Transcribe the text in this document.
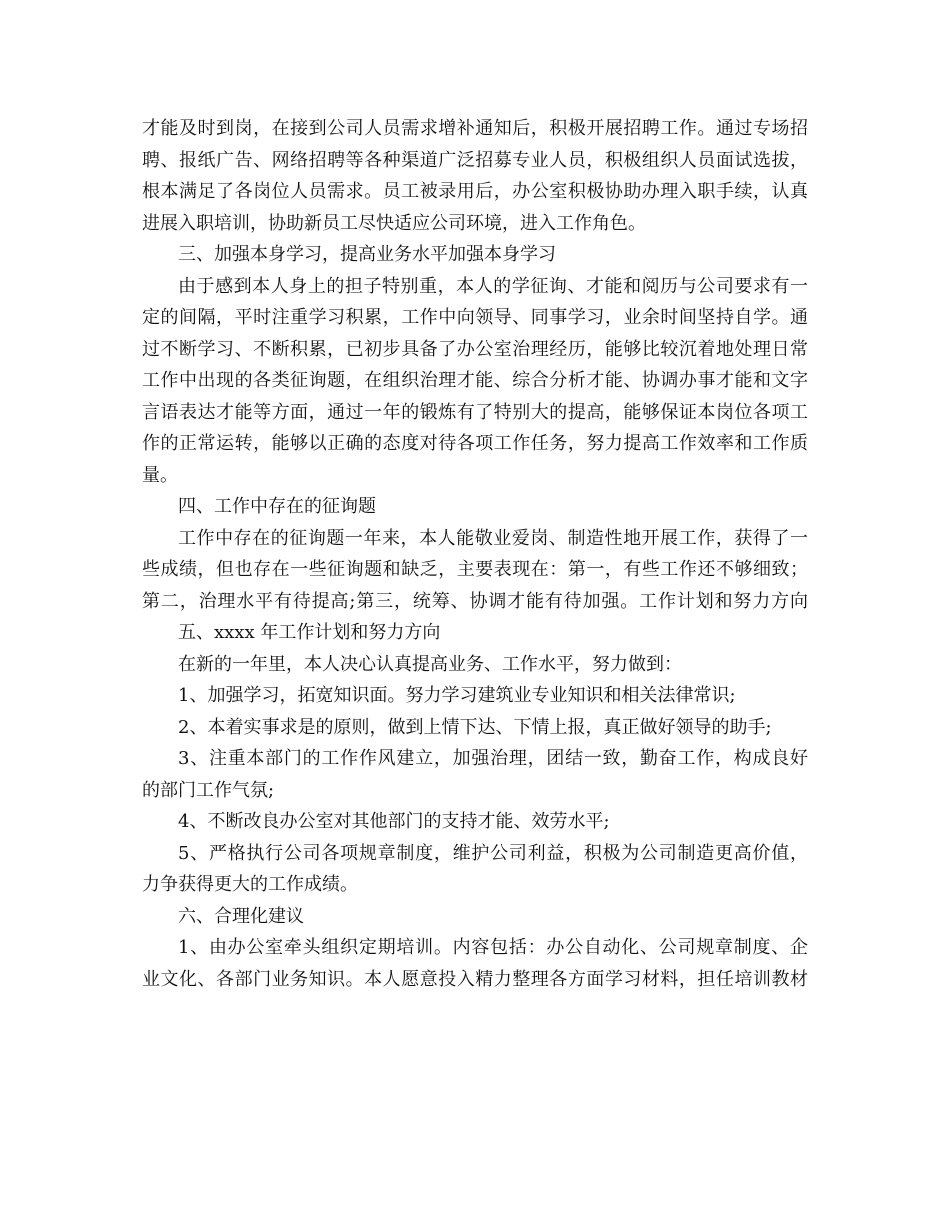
才能及时到岗，在接到公司人员需求增补通知后，积极开展招聘工作。通过专场招
聘、报纸广告、网络招聘等各种渠道广泛招募专业人员，积极组织人员面试选拔，
根本满足了各岗位人员需求。员工被录用后，办公室积极协助办理入职手续，认真
进展入职培训，协助新员工尽快适应公司环境，进入工作角色。
三、加强本身学习，提高业务水平加强本身学习
由于感到本人身上的担子特别重，本人的学征询、才能和阅历与公司要求有一
定的间隔，平时注重学习积累，工作中向领导、同事学习，业余时间坚持自学。通
过不断学习、不断积累，已初步具备了办公室治理经历，能够比较沉着地处理日常
工作中出现的各类征询题，在组织治理才能、综合分析才能、协调办事才能和文字
言语表达才能等方面，通过一年的锻炼有了特别大的提高，能够保证本岗位各项工
作的正常运转，能够以正确的态度对待各项工作任务，努力提高工作效率和工作质
量。
四、工作中存在的征询题
工作中存在的征询题一年来，本人能敬业爱岗、制造性地开展工作，获得了一
些成绩，但也存在一些征询题和缺乏，主要表现在：第一，有些工作还不够细致；
第二，治理水平有待提高;第三，统筹、协调才能有待加强。工作计划和努力方向
五、xxxx 年工作计划和努力方向
在新的一年里，本人决心认真提高业务、工作水平，努力做到：
1、加强学习，拓宽知识面。努力学习建筑业专业知识和相关法律常识;
2、本着实事求是的原则，做到上情下达、下情上报，真正做好领导的助手;
3、注重本部门的工作作风建立，加强治理，团结一致，勤奋工作，构成良好
的部门工作气氛;
4、不断改良办公室对其他部门的支持才能、效劳水平;
5、严格执行公司各项规章制度，维护公司利益，积极为公司制造更高价值，
力争获得更大的工作成绩。
六、合理化建议
1、由办公室牵头组织定期培训。内容包括：办公自动化、公司规章制度、企
业文化、各部门业务知识。本人愿意投入精力整理各方面学习材料，担任培训教材
